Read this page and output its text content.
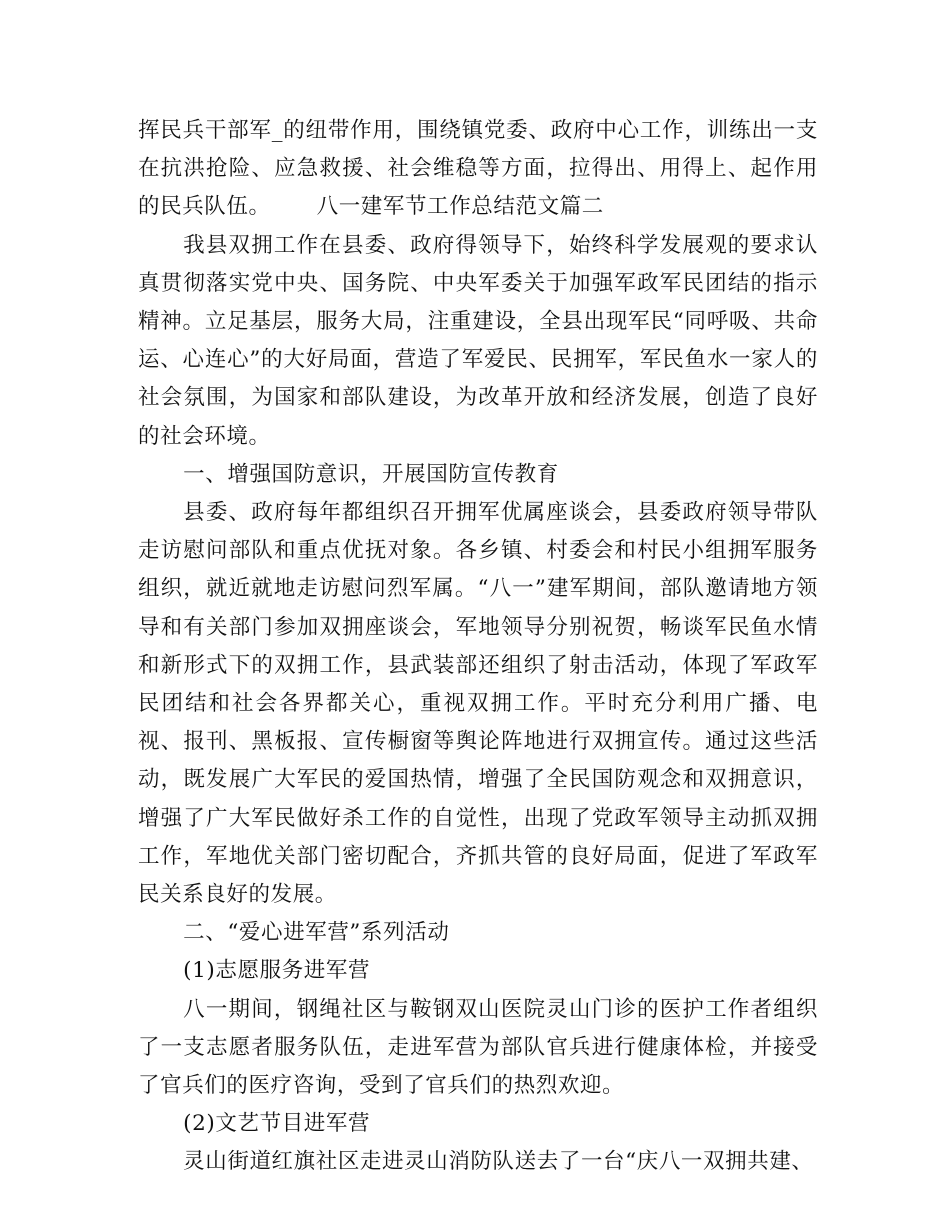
挥民兵干部军_的纽带作用，围绕镇党委、政府中心工作，训练出一支在抗洪抢险、应急救援、社会维稳等方面，拉得出、用得上、起作用的民兵队伍。 八一建军节工作总结范文篇二

我县双拥工作在县委、政府得领导下，始终科学发展观的要求认真贯彻落实党中央、国务院、中央军委关于加强军政军民团结的指示精神。立足基层，服务大局，注重建设，全县出现军民“同呼吸、共命运、心连心”的大好局面，营造了军爱民、民拥军，军民鱼水一家人的社会氛围，为国家和部队建设，为改革开放和经济发展，创造了良好的社会环境。

一、增强国防意识，开展国防宣传教育

县委、政府每年都组织召开拥军优属座谈会，县委政府领导带队走访慰问部队和重点优抚对象。各乡镇、村委会和村民小组拥军服务组织，就近就地走访慰问烈军属。“八一”建军期间，部队邀请地方领导和有关部门参加双拥座谈会，军地领导分别祝贺，畅谈军民鱼水情和新形式下的双拥工作，县武装部还组织了射击活动，体现了军政军民团结和社会各界都关心，重视双拥工作。平时充分利用广播、电视、报刊、黑板报、宣传橱窗等舆论阵地进行双拥宣传。通过这些活动，既发展广大军民的爱国热情，增强了全民国防观念和双拥意识，增强了广大军民做好杀工作的自觉性，出现了党政军领导主动抓双拥工作，军地优关部门密切配合，齐抓共管的良好局面，促进了军政军民关系良好的发展。

二、“爱心进军营”系列活动

(1)志愿服务进军营

八一期间，钢绳社区与鞍钢双山医院灵山门诊的医护工作者组织了一支志愿者服务队伍，走进军营为部队官兵进行健康体检，并接受了官兵们的医疗咨询，受到了官兵们的热烈欢迎。

(2)文艺节目进军营

灵山街道红旗社区走进灵山消防队送去了一台“庆八一双拥共建、
